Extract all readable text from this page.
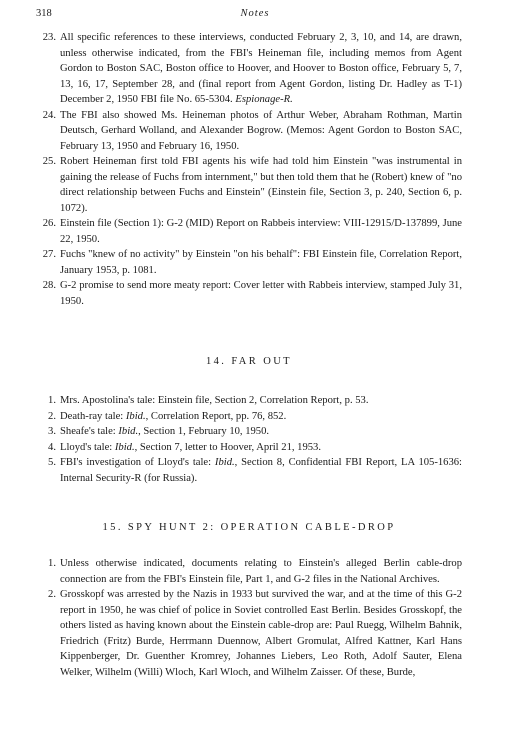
318	Notes
23. All specific references to these interviews, conducted February 2, 3, 10, and 14, are drawn, unless otherwise indicated, from the FBI's Heineman file, including memos from Agent Gordon to Boston SAC, Boston office to Hoover, and Hoover to Boston office, February 5, 7, 13, 16, 17, September 28, and (final report from Agent Gordon, listing Dr. Hadley as T-1) December 2, 1950 FBI file No. 65-5304. Espionage-R.
24. The FBI also showed Ms. Heineman photos of Arthur Weber, Abraham Rothman, Martin Deutsch, Gerhard Wolland, and Alexander Bogrow. (Memos: Agent Gordon to Boston SAC, February 13, 1950 and February 16, 1950.
25. Robert Heineman first told FBI agents his wife had told him Einstein "was instrumental in gaining the release of Fuchs from internment," but then told them that he (Robert) knew of "no direct relationship between Fuchs and Einstein" (Einstein file, Section 3, p. 240, Section 6, p. 1072).
26. Einstein file (Section 1): G-2 (MID) Report on Rabbeis interview: VIII-12915/D-137899, June 22, 1950.
27. Fuchs "knew of no activity" by Einstein "on his behalf": FBI Einstein file, Correlation Report, January 1953, p. 1081.
28. G-2 promise to send more meaty report: Cover letter with Rabbeis interview, stamped July 31, 1950.
14. FAR OUT
1. Mrs. Apostolina's tale: Einstein file, Section 2, Correlation Report, p. 53.
2. Death-ray tale: Ibid., Correlation Report, pp. 76, 852.
3. Sheafe's tale: Ibid., Section 1, February 10, 1950.
4. Lloyd's tale: Ibid., Section 7, letter to Hoover, April 21, 1953.
5. FBI's investigation of Lloyd's tale: Ibid., Section 8, Confidential FBI Report, LA 105-1636: Internal Security-R (for Russia).
15. SPY HUNT 2: OPERATION CABLE-DROP
1. Unless otherwise indicated, documents relating to Einstein's alleged Berlin cable-drop connection are from the FBI's Einstein file, Part 1, and G-2 files in the National Archives.
2. Grosskopf was arrested by the Nazis in 1933 but survived the war, and at the time of this G-2 report in 1950, he was chief of police in Soviet controlled East Berlin. Besides Grosskopf, the others listed as having known about the Einstein cable-drop are: Paul Ruegg, Wilhelm Bahnik, Friedrich (Fritz) Burde, Herrmann Duennow, Albert Gromulat, Alfred Kattner, Karl Hans Kippenberger, Dr. Guenther Kromrey, Johannes Liebers, Leo Roth, Adolf Sauter, Elena Welker, Wilhelm (Willi) Wloch, Karl Wloch, and Wilhelm Zaisser. Of these, Burde,
